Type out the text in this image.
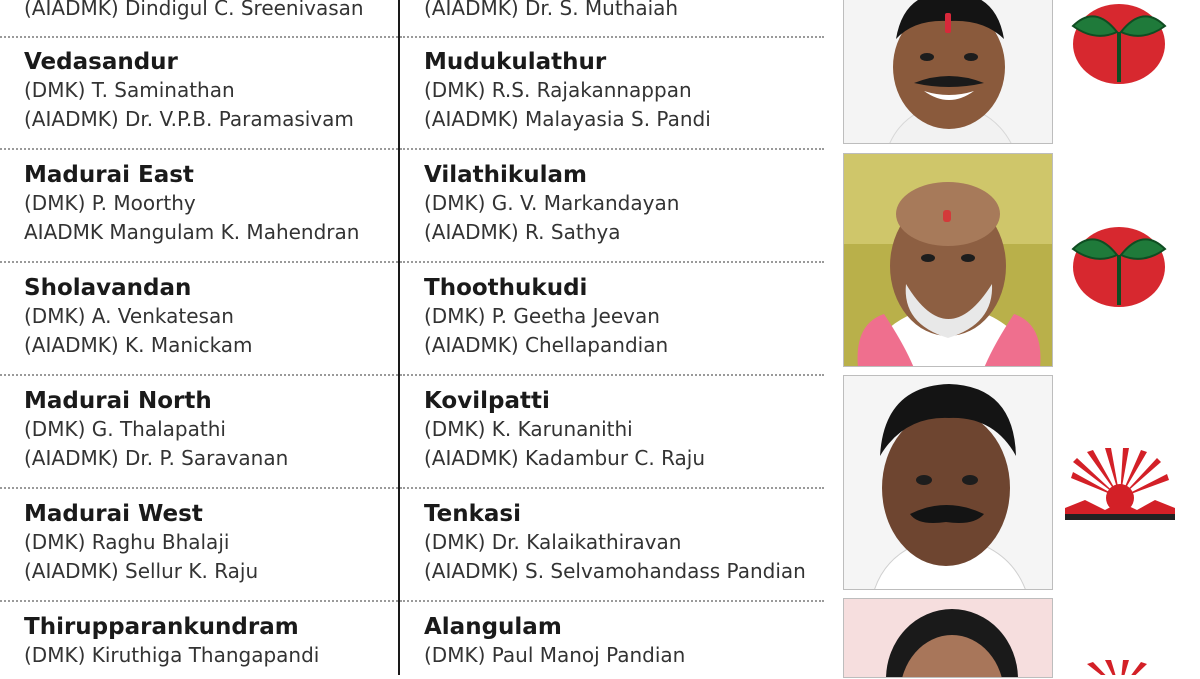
(AIADMK) Dindigul C. Sreenivasan
Vedasandur
(DMK) T. Saminathan
(AIADMK) Dr. V.P.B. Paramasivam
Madurai East
(DMK) P. Moorthy
AIADMK Mangulam K. Mahendran
Sholavandan
(DMK) A. Venkatesan
(AIADMK) K. Manickam
Madurai North
(DMK) G. Thalapathi
(AIADMK) Dr. P. Saravanan
Madurai West
(DMK) Raghu Bhalaji
(AIADMK) Sellur K. Raju
Thirupparankundram
(DMK) Kiruthiga Thangapandi
(AIADMK) Dr. S. Muthaiah
Mudukulathur
(DMK) R.S. Rajakannappan
(AIADMK) Malayasia S. Pandi
Vilathikulam
(DMK) G. V. Markandayan
(AIADMK) R. Sathya
Thoothukudi
(DMK) P. Geetha Jeevan
(AIADMK) Chellapandian
Kovilpatti
(DMK) K. Karunanithi
(AIADMK) Kadambur C. Raju
Tenkasi
(DMK) Dr. Kalaikathiravan
(AIADMK) S. Selvamohandass Pandian
Alangulam
(DMK) Paul Manoj Pandian
